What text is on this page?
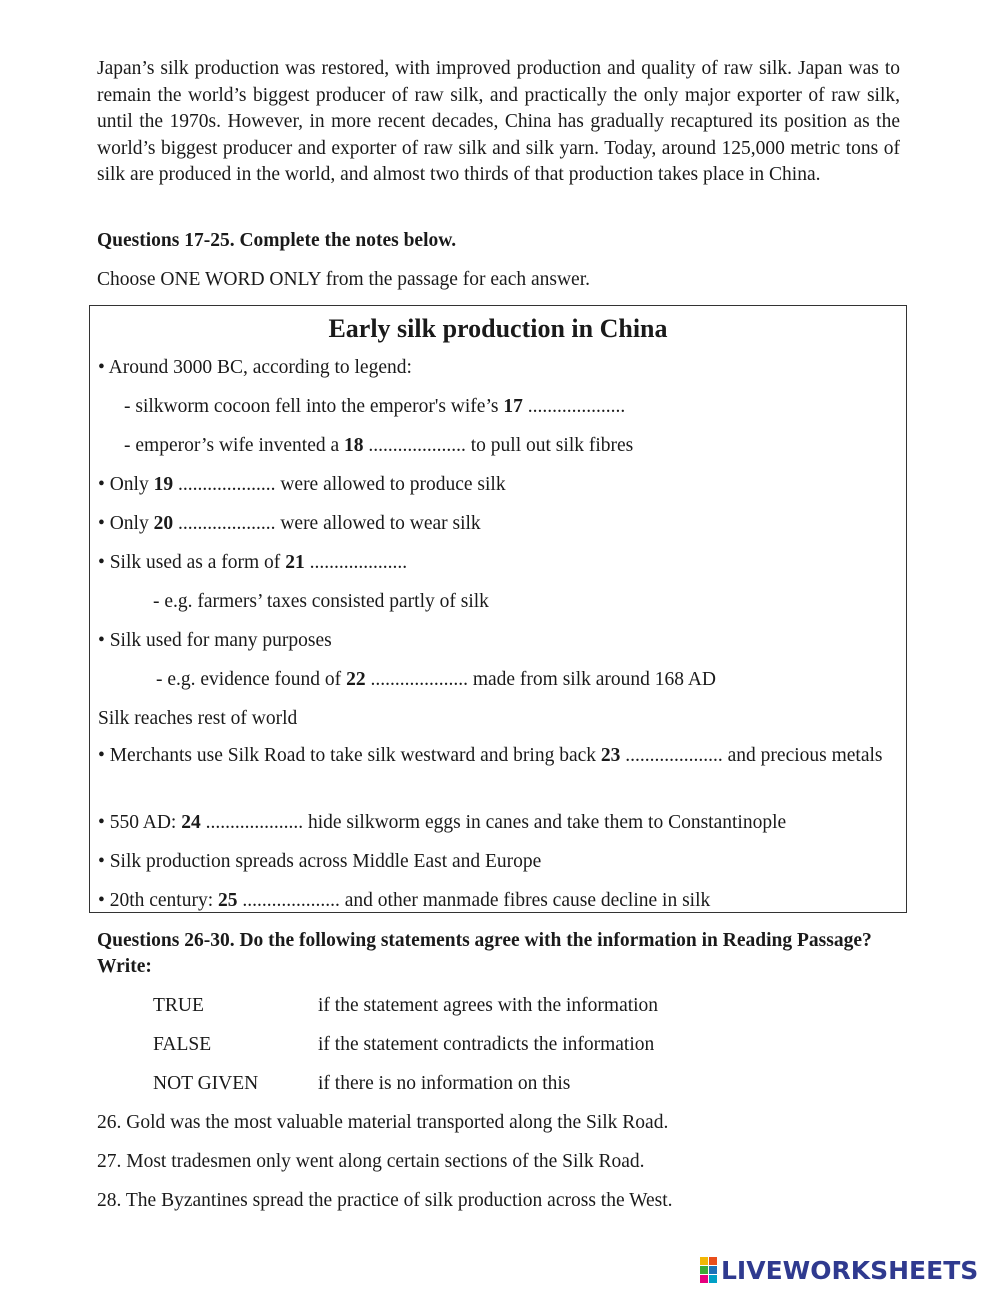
Japan’s silk production was restored, with improved production and quality of raw silk. Japan was to remain the world’s biggest producer of raw silk, and practically the only major exporter of raw silk, until the 1970s. However, in more recent decades, China has gradually recaptured its position as the world’s biggest producer and exporter of raw silk and silk yarn. Today, around 125,000 metric tons of silk are produced in the world, and almost two thirds of that production takes place in China.

Questions 17-25. Complete the notes below.

Choose ONE WORD ONLY from the passage for each answer.

Early silk production in China

• Around 3000 BC, according to legend:

- silkworm cocoon fell into the emperor's wife’s 17 ....................

- emperor’s wife invented a 18 .................... to pull out silk fibres

• Only 19 .................... were allowed to produce silk

• Only 20 .................... were allowed to wear silk

• Silk used as a form of 21 ....................

- e.g. farmers’ taxes consisted partly of silk

• Silk used for many purposes

- e.g. evidence found of 22 .................... made from silk around 168 AD

Silk reaches rest of world

• Merchants use Silk Road to take silk westward and bring back 23 .................... and precious metals

• 550 AD: 24 .................... hide silkworm eggs in canes and take them to Constantinople

• Silk production spreads across Middle East and Europe

• 20th century: 25 .................... and other manmade fibres cause decline in silk

Questions 26-30. Do the following statements agree with the information in Reading Passage? Write:

TRUE	if the statement agrees with the information
FALSE	if the statement contradicts the information
NOT GIVEN	if there is no information on this

26. Gold was the most valuable material transported along the Silk Road.

27. Most tradesmen only went along certain sections of the Silk Road.

28. The Byzantines spread the practice of silk production across the West.

LIVEWORKSHEETS
